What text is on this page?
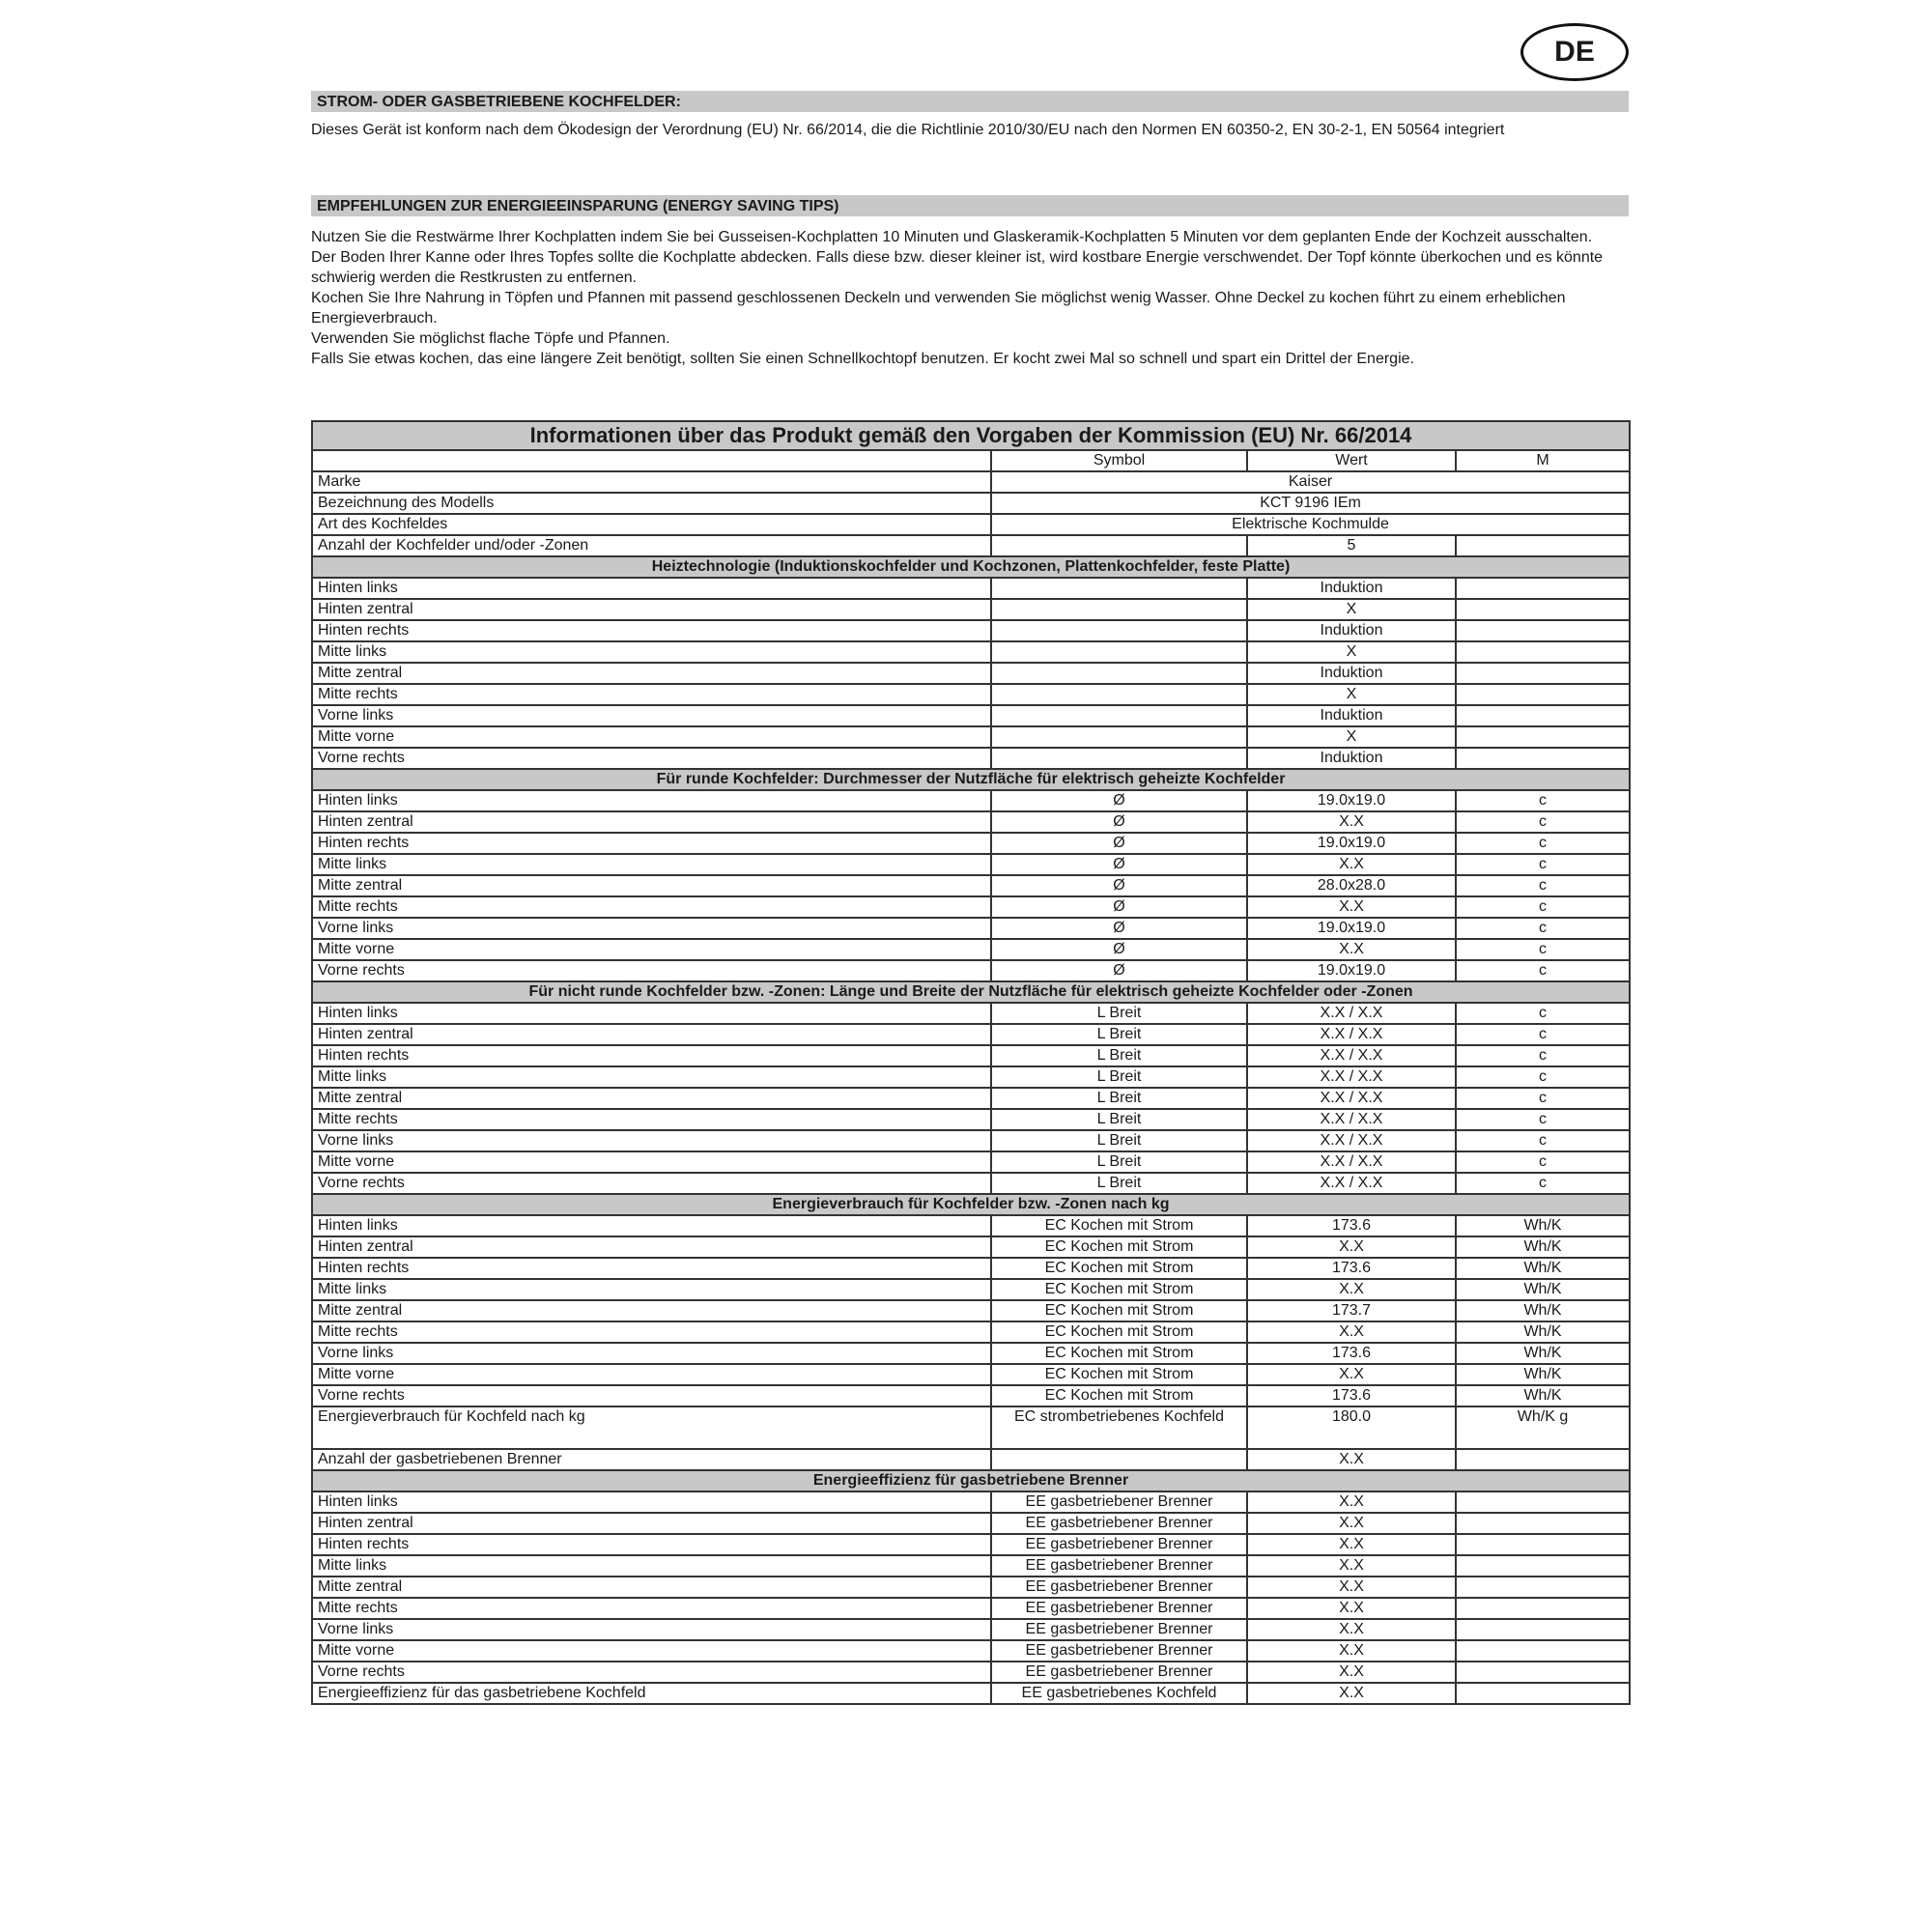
DE
STROM- ODER GASBETRIEBENE KOCHFELDER:

Dieses Gerät ist konform nach dem Ökodesign der Verordnung (EU) Nr. 66/2014, die die Richtlinie 2010/30/EU nach den Normen EN 60350-2, EN 30-2-1, EN 50564 integriert

EMPFEHLUNGEN ZUR ENERGIEEINSPARUNG (ENERGY SAVING TIPS)

Nutzen Sie die Restwärme Ihrer Kochplatten indem Sie bei Gusseisen-Kochplatten 10 Minuten und Glaskeramik-Kochplatten 5 Minuten vor dem geplanten Ende der Kochzeit ausschalten.

Der Boden Ihrer Kanne oder Ihres Topfes sollte die Kochplatte abdecken. Falls diese bzw. dieser kleiner ist, wird kostbare Energie verschwendet. Der Topf könnte überkochen und es könnte schwierig werden die Restkrusten zu entfernen.

Kochen Sie Ihre Nahrung in Töpfen und Pfannen mit passend geschlossenen Deckeln und verwenden Sie möglichst wenig Wasser. Ohne Deckel zu kochen führt zu einem erheblichen Energieverbrauch.

Verwenden Sie möglichst flache Töpfe und Pfannen.

Falls Sie etwas kochen, das eine längere Zeit benötigt, sollten Sie einen Schnellkochtopf benutzen. Er kocht zwei Mal so schnell und spart ein Drittel der Energie.

Informationen über das Produkt gemäß den Vorgaben der Kommission (EU) Nr. 66/2014			
	Symbol	Wert	M
Marke	Kaiser		
Bezeichnung des Modells	KCT 9196 IEm		
Art des Kochfeldes	Elektrische Kochmulde		
Anzahl der Kochfelder und/oder -Zonen		5	
Heiztechnologie (Induktionskochfelder und Kochzonen, Plattenkochfelder, feste Platte)			
Hinten links		Induktion	
Hinten zentral		X	
Hinten rechts		Induktion	
Mitte links		X	
Mitte zentral		Induktion	
Mitte rechts		X	
Vorne links		Induktion	
Mitte vorne		X	
Vorne rechts		Induktion	
Für runde Kochfelder: Durchmesser der Nutzfläche für elektrisch geheizte Kochfelder			
Hinten links	Ø	19.0x19.0	c
Hinten zentral	Ø	X.X	c
Hinten rechts	Ø	19.0x19.0	c
Mitte links	Ø	X.X	c
Mitte zentral	Ø	28.0x28.0	c
Mitte rechts	Ø	X.X	c
Vorne links	Ø	19.0x19.0	c
Mitte vorne	Ø	X.X	c
Vorne rechts	Ø	19.0x19.0	c
Für nicht runde Kochfelder bzw. -Zonen: Länge und Breite der Nutzfläche für elektrisch geheizte Kochfelder oder -Zonen			
Hinten links	L Breit	X.X / X.X	c
Hinten zentral	L Breit	X.X / X.X	c
Hinten rechts	L Breit	X.X / X.X	c
Mitte links	L Breit	X.X / X.X	c
Mitte zentral	L Breit	X.X / X.X	c
Mitte rechts	L Breit	X.X / X.X	c
Vorne links	L Breit	X.X / X.X	c
Mitte vorne	L Breit	X.X / X.X	c
Vorne rechts	L Breit	X.X / X.X	c
Energieverbrauch für Kochfelder bzw. -Zonen nach kg			
Hinten links	EC Kochen mit Strom	173.6	Wh/K
Hinten zentral	EC Kochen mit Strom	X.X	Wh/K
Hinten rechts	EC Kochen mit Strom	173.6	Wh/K
Mitte links	EC Kochen mit Strom	X.X	Wh/K
Mitte zentral	EC Kochen mit Strom	173.7	Wh/K
Mitte rechts	EC Kochen mit Strom	X.X	Wh/K
Vorne links	EC Kochen mit Strom	173.6	Wh/K
Mitte vorne	EC Kochen mit Strom	X.X	Wh/K
Vorne rechts	EC Kochen mit Strom	173.6	Wh/K
Energieverbrauch für Kochfeld nach kg	EC strombetriebenes Kochfeld	180.0	Wh/K g
Anzahl der gasbetriebenen Brenner		X.X	
Energieeffizienz für gasbetriebene Brenner			
Hinten links	EE gasbetriebener Brenner	X.X	
Hinten zentral	EE gasbetriebener Brenner	X.X	
Hinten rechts	EE gasbetriebener Brenner	X.X	
Mitte links	EE gasbetriebener Brenner	X.X	
Mitte zentral	EE gasbetriebener Brenner	X.X	
Mitte rechts	EE gasbetriebener Brenner	X.X	
Vorne links	EE gasbetriebener Brenner	X.X	
Mitte vorne	EE gasbetriebener Brenner	X.X	
Vorne rechts	EE gasbetriebener Brenner	X.X	
Energieeffizienz für das gasbetriebene Kochfeld	EE gasbetriebenes Kochfeld	X.X	
